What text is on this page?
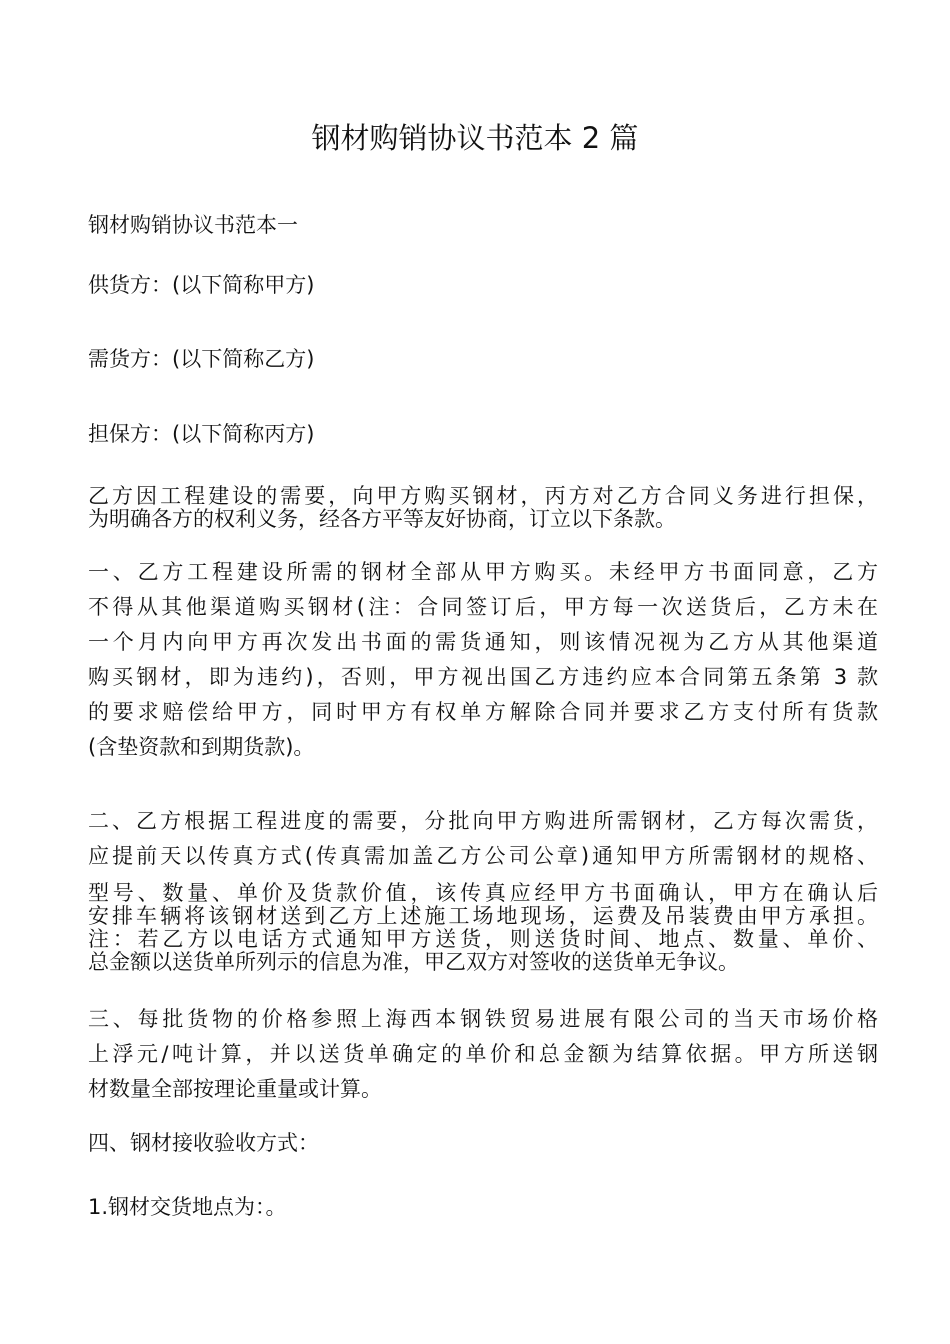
钢材购销协议书范本 2 篇
钢材购销协议书范本一
供货方：(以下简称甲方)
需货方：(以下简称乙方)
担保方：(以下简称丙方)
乙方因工程建设的需要，向甲方购买钢材，丙方对乙方合同义务进行担保，
为明确各方的权利义务，经各方平等友好协商，订立以下条款。
一、乙方工程建设所需的钢材全部从甲方购买。未经甲方书面同意，乙方
不得从其他渠道购买钢材(注：合同签订后，甲方每一次送货后，乙方未在
一个月内向甲方再次发出书面的需货通知，则该情况视为乙方从其他渠道
购买钢材，即为违约)，否则，甲方视出国乙方违约应本合同第五条第 3 款
的要求赔偿给甲方，同时甲方有权单方解除合同并要求乙方支付所有货款
(含垫资款和到期货款)。
二、乙方根据工程进度的需要，分批向甲方购进所需钢材，乙方每次需货，
应提前天以传真方式(传真需加盖乙方公司公章)通知甲方所需钢材的规格、
型号、数量、单价及货款价值，该传真应经甲方书面确认，甲方在确认后
安排车辆将该钢材送到乙方上述施工场地现场，运费及吊装费由甲方承担。
注：若乙方以电话方式通知甲方送货，则送货时间、地点、数量、单价、
总金额以送货单所列示的信息为准，甲乙双方对签收的送货单无争议。
三、每批货物的价格参照上海西本钢铁贸易进展有限公司的当天市场价格
上浮元/吨计算，并以送货单确定的单价和总金额为结算依据。甲方所送钢
材数量全部按理论重量或计算。
四、钢材接收验收方式：
1.钢材交货地点为：。
